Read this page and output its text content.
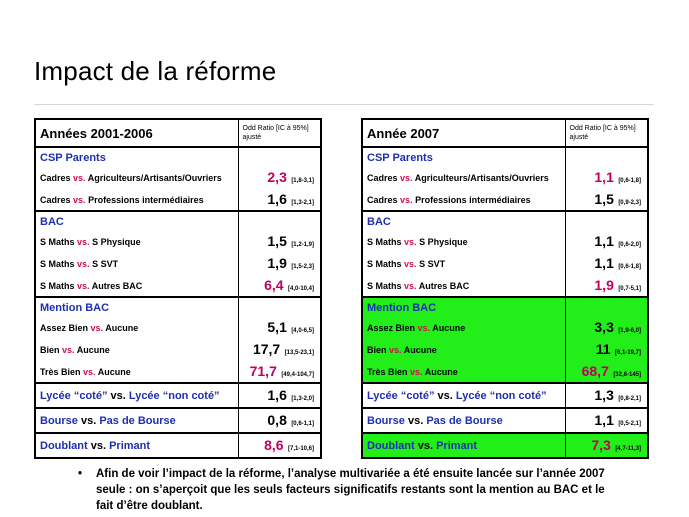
Impact de la réforme
Années 2001-2006	Odd Ratio [IC à 95%] ajusté
CSP Parents	
Cadres vs. Agriculteurs/Artisants/Ouvriers	2,3 [1,8-3,1]
Cadres vs. Professions intermédiaires	1,6 [1,3-2,1]
BAC	
S Maths vs. S Physique	1,5 [1,2-1,9]
S Maths vs. S SVT	1,9 [1,5-2,3]
S Maths vs. Autres BAC	6,4 [4,0-10,4]
Mention BAC	
Assez Bien vs. Aucune	5,1 [4,0-6,5]
Bien vs. Aucune	17,7 [13,5-23,1]
Très Bien vs. Aucune	71,7 [49,4-104,7]
Lycée “coté” vs. Lycée “non coté”	1,6 [1,3-2,0]
Bourse vs. Pas de Bourse	0,8 [0,6-1,1]
Doublant vs. Primant	8,6 [7,1-10,6]
Année 2007	Odd Ratio [IC à 95%] ajusté
CSP Parents	
Cadres vs. Agriculteurs/Artisants/Ouvriers	1,1 [0,6-1,8]
Cadres vs. Professions intermédiaires	1,5 [0,9-2,3]
BAC	
S Maths vs. S Physique	1,1 [0,6-2,0]
S Maths vs. S SVT	1,1 [0,6-1,8]
S Maths vs. Autres BAC	1,9 [0,7-5,1]
Mention BAC	
Assez Bien vs. Aucune	3,3 [1,9-6,0]
Bien vs. Aucune	11 [6,1-19,7]
Très Bien vs. Aucune	68,7 [32,6-145]
Lycée “coté” vs. Lycée “non coté”	1,3 [0,8-2,1]
Bourse vs. Pas de Bourse	1,1 [0,5-2,1]
Doublant vs. Primant	7,3 [4,7-11,3]
•	Afin de voir l’impact de la réforme, l’analyse multivariée a été ensuite lancée sur l’année 2007 seule : on s’aperçoit que les seuls facteurs significatifs restants sont la mention au BAC et le fait d’être doublant.
